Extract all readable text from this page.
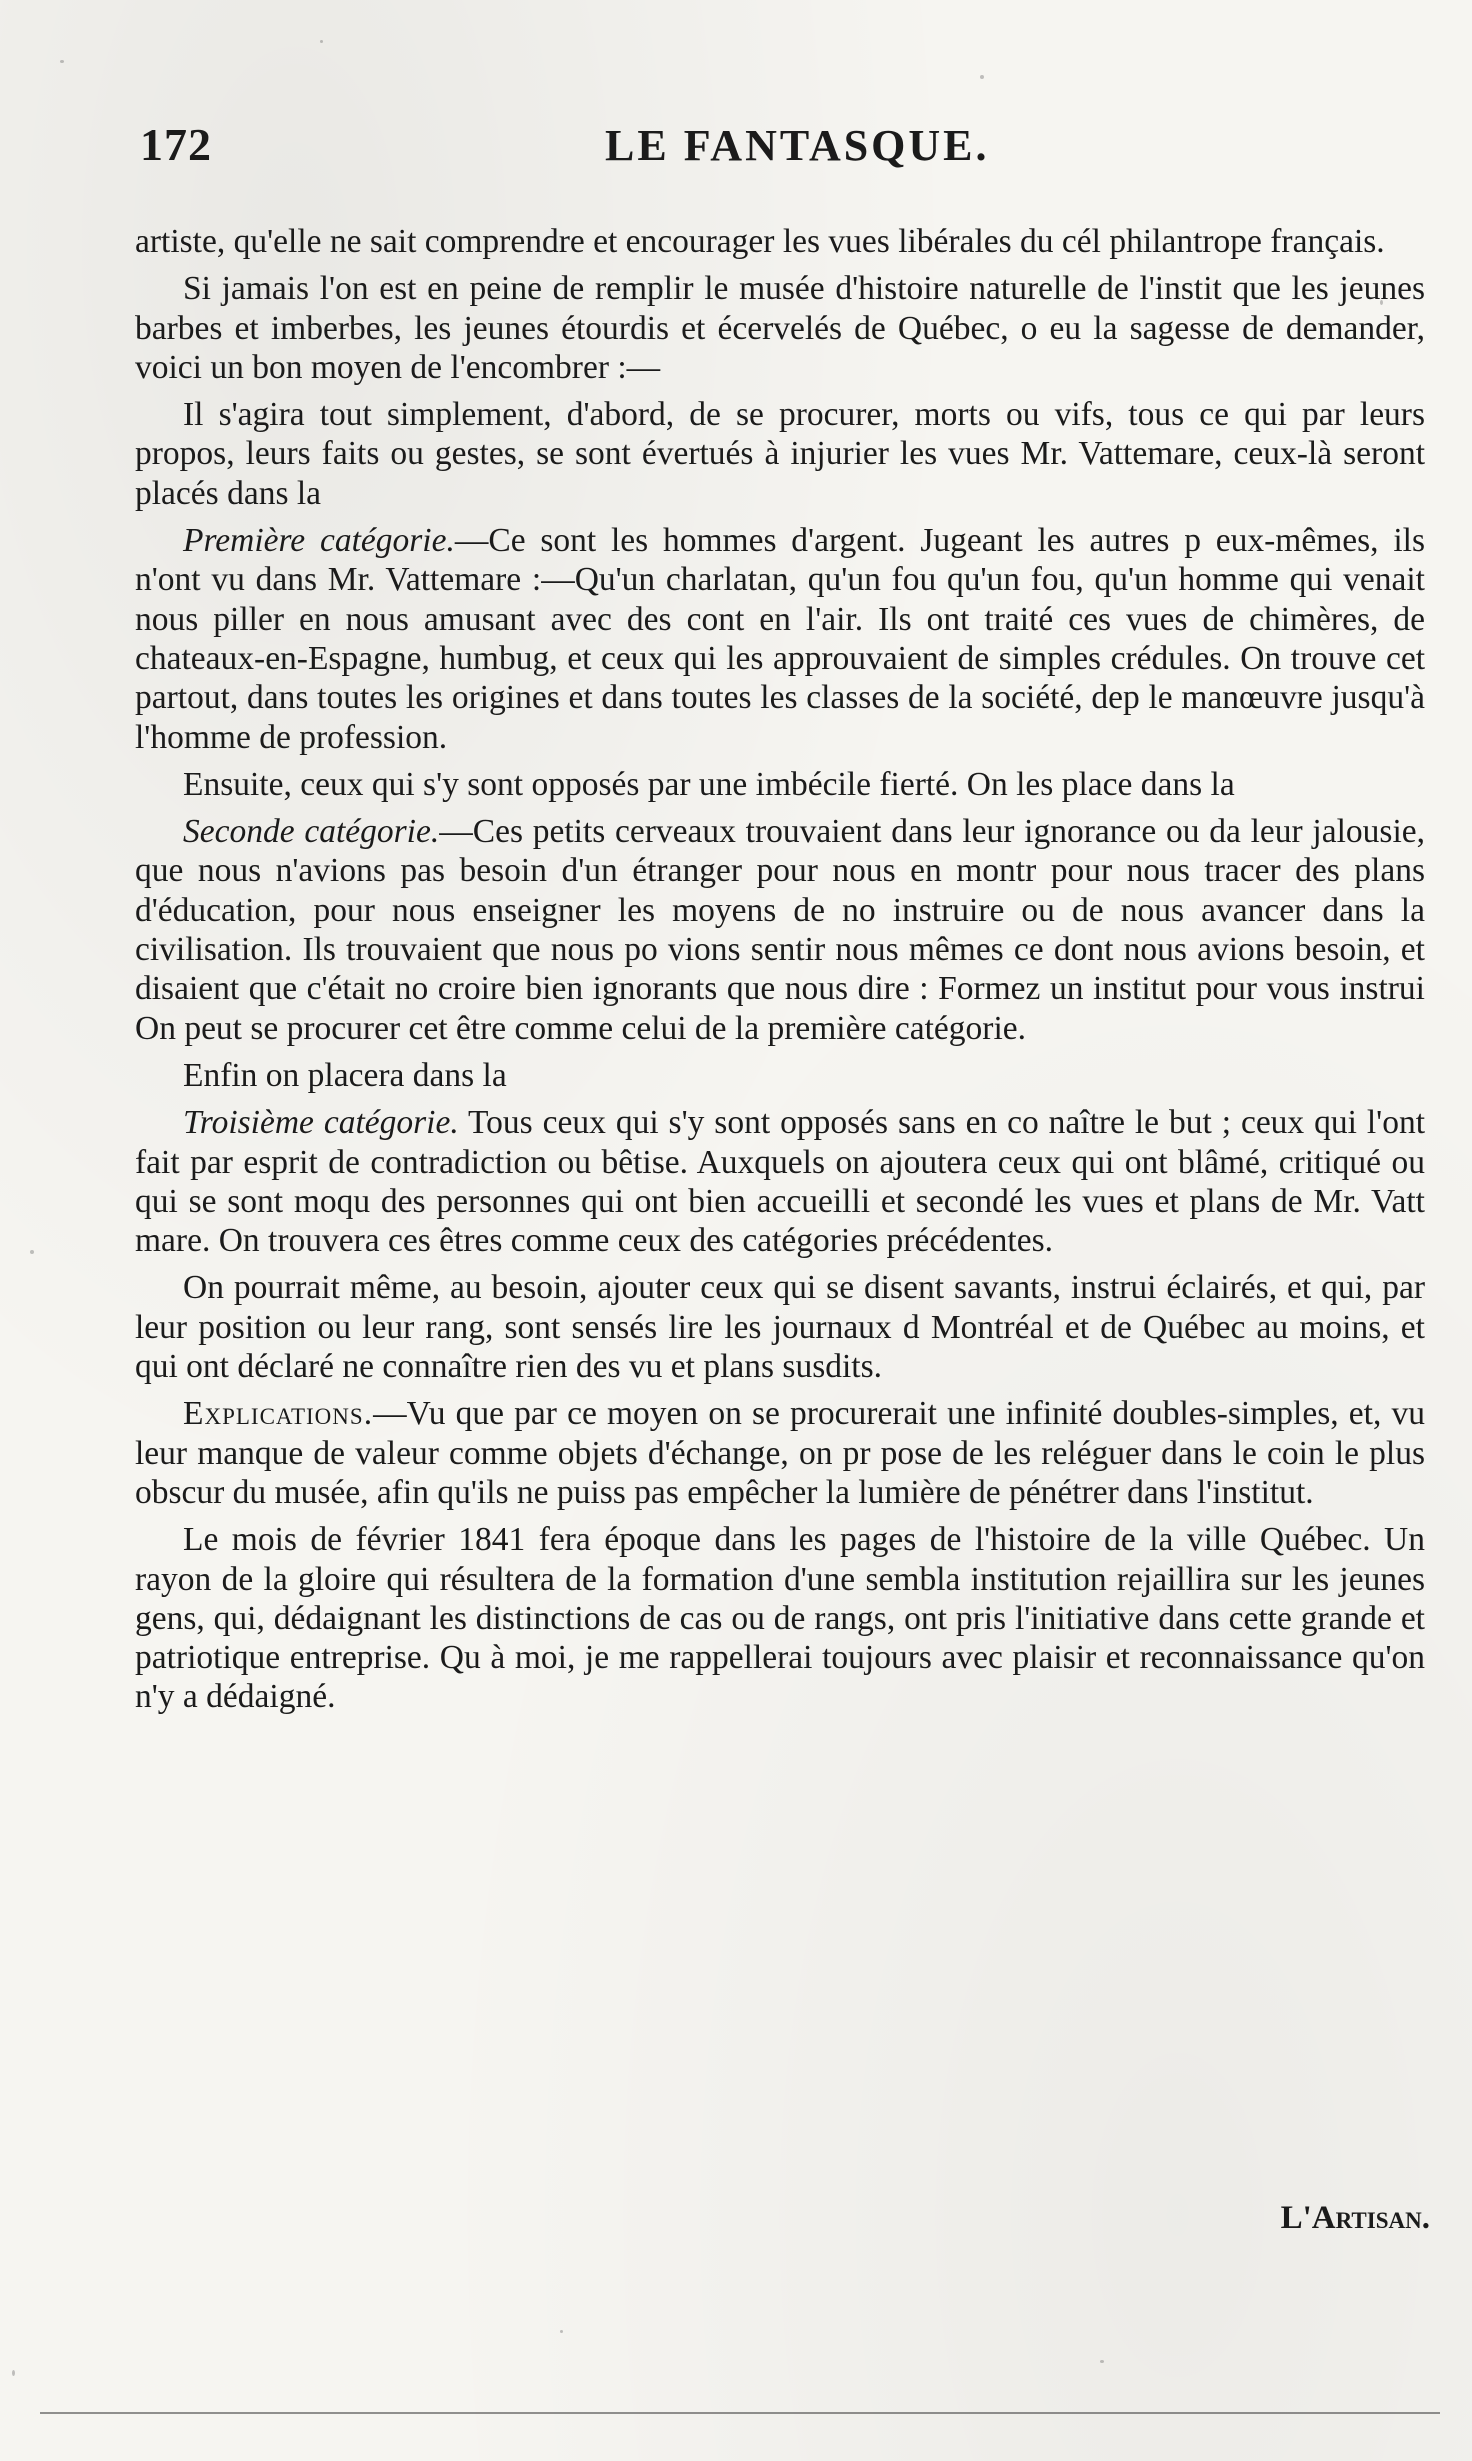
172	LE FANTASQUE.

artiste, qu'elle ne sait comprendre et encourager les vues libérales du cél philantrope français.

Si jamais l'on est en peine de remplir le musée d'histoire naturelle de l'instit que les jeunes barbes et imberbes, les jeunes étourdis et écervelés de Québec, o eu la sagesse de demander, voici un bon moyen de l'encombrer :—

Il s'agira tout simplement, d'abord, de se procurer, morts ou vifs, tous ce qui par leurs propos, leurs faits ou gestes, se sont évertués à injurier les vues Mr. Vattemare, ceux-là seront placés dans la

Première catégorie.—Ce sont les hommes d'argent. Jugeant les autres p eux-mêmes, ils n'ont vu dans Mr. Vattemare :—Qu'un charlatan, qu'un fou qu'un fou, qu'un homme qui venait nous piller en nous amusant avec des cont en l'air. Ils ont traité ces vues de chimères, de chateaux-en-Espagne, humbug, et ceux qui les approuvaient de simples crédules. On trouve cet partout, dans toutes les origines et dans toutes les classes de la société, dep le manœuvre jusqu'à l'homme de profession.

Ensuite, ceux qui s'y sont opposés par une imbécile fierté. On les place dans la

Seconde catégorie.—Ces petits cerveaux trouvaient dans leur ignorance ou da leur jalousie, que nous n'avions pas besoin d'un étranger pour nous en montr pour nous tracer des plans d'éducation, pour nous enseigner les moyens de no instruire ou de nous avancer dans la civilisation. Ils trouvaient que nous po vions sentir nous mêmes ce dont nous avions besoin, et disaient que c'était no croire bien ignorants que nous dire : Formez un institut pour vous instrui On peut se procurer cet être comme celui de la première catégorie.

Enfin on placera dans la

Troisième catégorie. Tous ceux qui s'y sont opposés sans en co naître le but ; ceux qui l'ont fait par esprit de contradiction ou bêtise. Auxquels on ajoutera ceux qui ont blâmé, critiqué ou qui se sont moqu des personnes qui ont bien accueilli et secondé les vues et plans de Mr. Vatt mare. On trouvera ces êtres comme ceux des catégories précédentes.

On pourrait même, au besoin, ajouter ceux qui se disent savants, instrui éclairés, et qui, par leur position ou leur rang, sont sensés lire les journaux d Montréal et de Québec au moins, et qui ont déclaré ne connaître rien des vu et plans susdits.

Explications.—Vu que par ce moyen on se procurerait une infinité doubles-simples, et, vu leur manque de valeur comme objets d'échange, on pr pose de les reléguer dans le coin le plus obscur du musée, afin qu'ils ne puiss pas empêcher la lumière de pénétrer dans l'institut.

Le mois de février 1841 fera époque dans les pages de l'histoire de la ville Québec. Un rayon de la gloire qui résultera de la formation d'une sembla institution rejaillira sur les jeunes gens, qui, dédaignant les distinctions de cas ou de rangs, ont pris l'initiative dans cette grande et patriotique entreprise. Qu à moi, je me rappellerai toujours avec plaisir et reconnaissance qu'on n'y a dédaigné.

L'Artisan.
